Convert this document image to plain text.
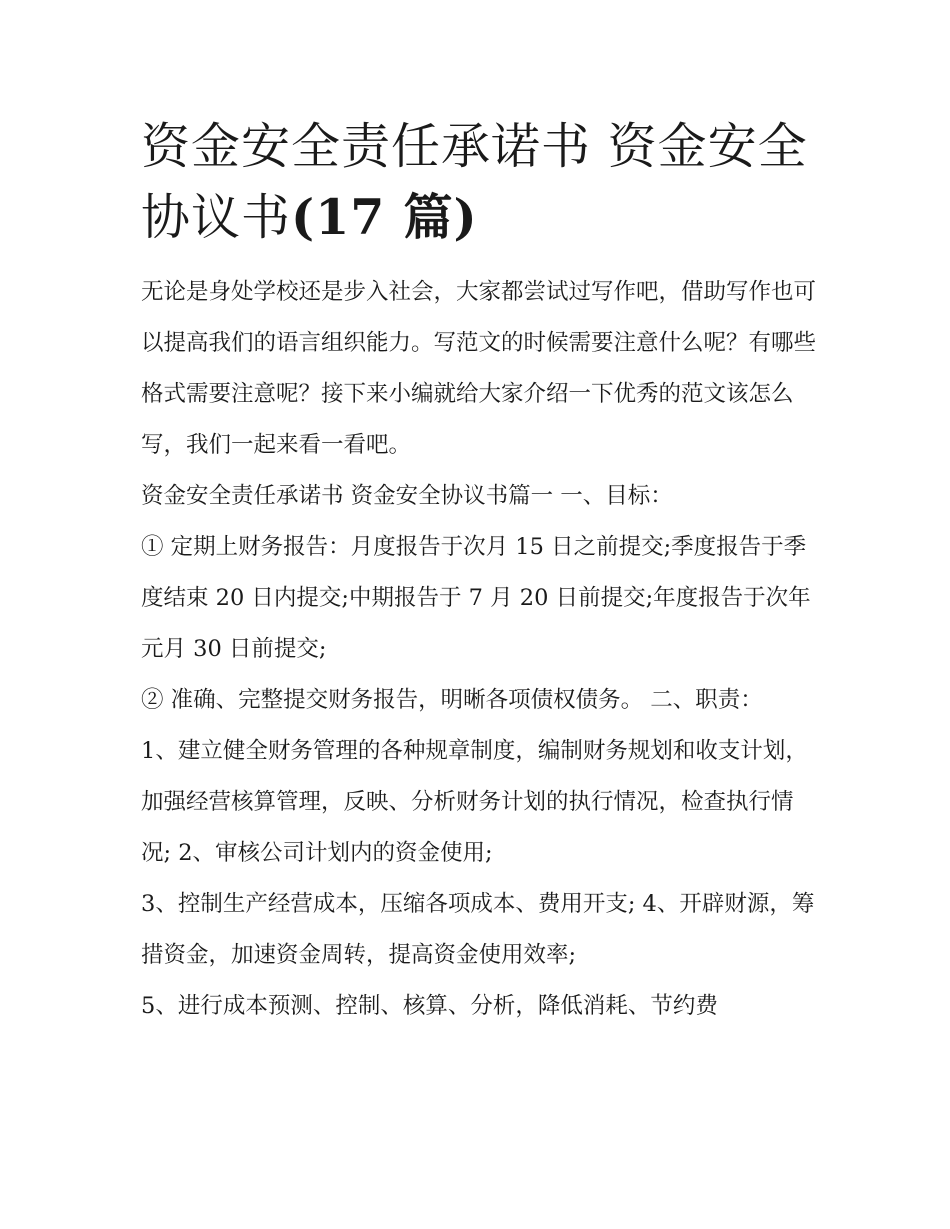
资金安全责任承诺书 资金安全协议书(17 篇)

无论是身处学校还是步入社会，大家都尝试过写作吧，借助写作也可以提高我们的语言组织能力。写范文的时候需要注意什么呢？有哪些格式需要注意呢？接下来小编就给大家介绍一下优秀的范文该怎么写，我们一起来看一看吧。

资金安全责任承诺书 资金安全协议书篇一 一、目标：

① 定期上财务报告：月度报告于次月 15 日之前提交;季度报告于季度结束 20 日内提交;中期报告于 7 月 20 日前提交;年度报告于次年元月 30 日前提交;

② 准确、完整提交财务报告，明晰各项债权债务。 二、职责：

1、建立健全财务管理的各种规章制度，编制财务规划和收支计划，加强经营核算管理，反映、分析财务计划的执行情况，检查执行情况; 2、审核公司计划内的资金使用;

3、控制生产经营成本，压缩各项成本、费用开支; 4、开辟财源，筹措资金，加速资金周转，提高资金使用效率;

5、进行成本预测、控制、核算、分析，降低消耗、节约费
